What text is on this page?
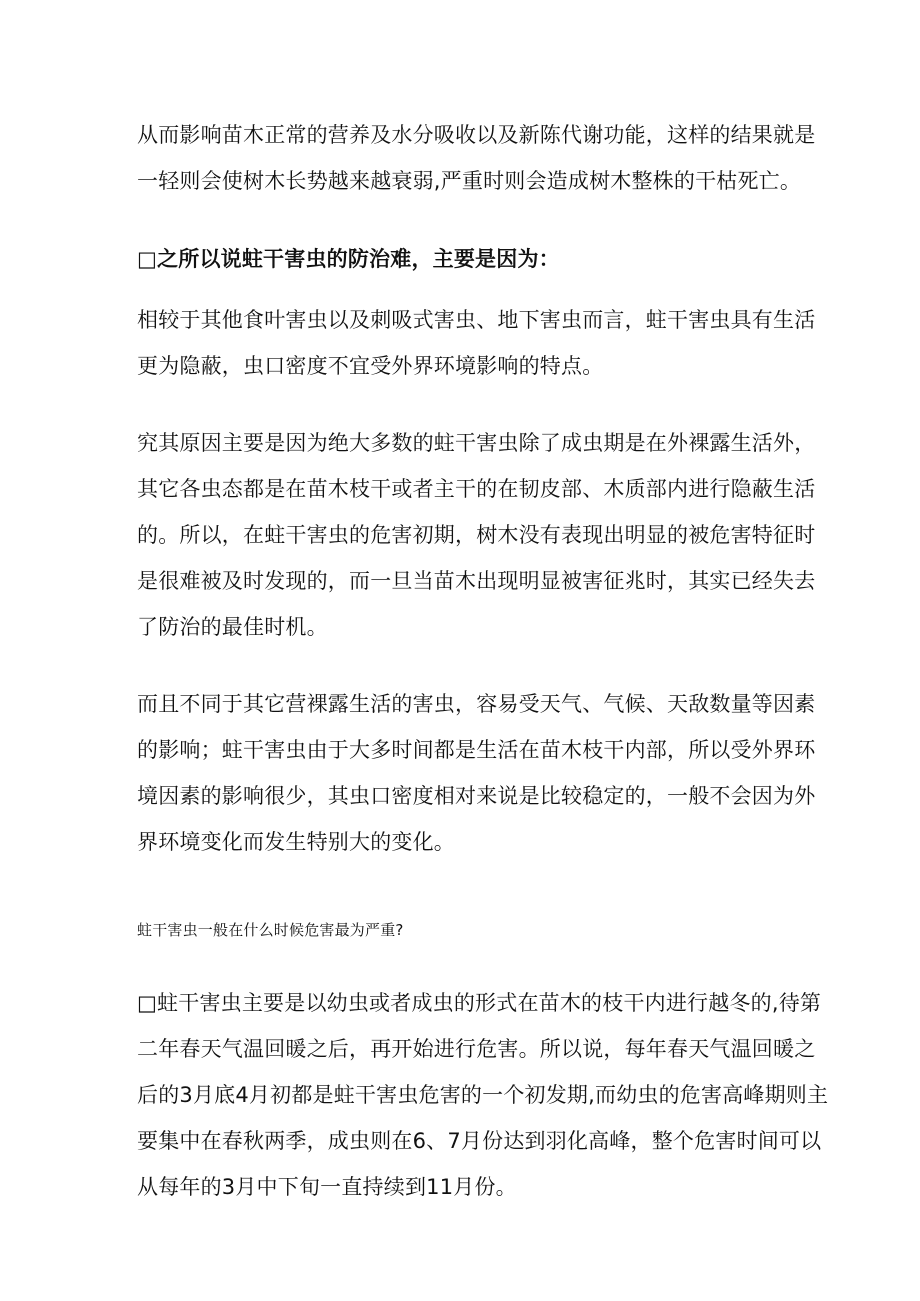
从而影响苗木正常的营养及水分吸收以及新陈代谢功能，这样的结果就是
一轻则会使树木长势越来越衰弱,严重时则会造成树木整株的干枯死亡。

□之所以说蛀干害虫的防治难，主要是因为：

相较于其他食叶害虫以及刺吸式害虫、地下害虫而言，蛀干害虫具有生活
更为隐蔽，虫口密度不宜受外界环境影响的特点。

究其原因主要是因为绝大多数的蛀干害虫除了成虫期是在外裸露生活外，
其它各虫态都是在苗木枝干或者主干的在韧皮部、木质部内进行隐蔽生活
的。所以，在蛀干害虫的危害初期，树木没有表现出明显的被危害特征时
是很难被及时发现的，而一旦当苗木出现明显被害征兆时，其实已经失去
了防治的最佳时机。

而且不同于其它营裸露生活的害虫，容易受天气、气候、天敌数量等因素
的影响；蛀干害虫由于大多时间都是生活在苗木枝干内部，所以受外界环
境因素的影响很少，其虫口密度相对来说是比较稳定的，一般不会因为外
界环境变化而发生特别大的变化。

蛀干害虫一般在什么时候危害最为严重?

□蛀干害虫主要是以幼虫或者成虫的形式在苗木的枝干内进行越冬的,待第
二年春天气温回暖之后，再开始进行危害。所以说，每年春天气温回暖之
后的3月底4月初都是蛀干害虫危害的一个初发期,而幼虫的危害高峰期则主
要集中在春秋两季，成虫则在6、7月份达到羽化高峰，整个危害时间可以
从每年的3月中下旬一直持续到11月份。
